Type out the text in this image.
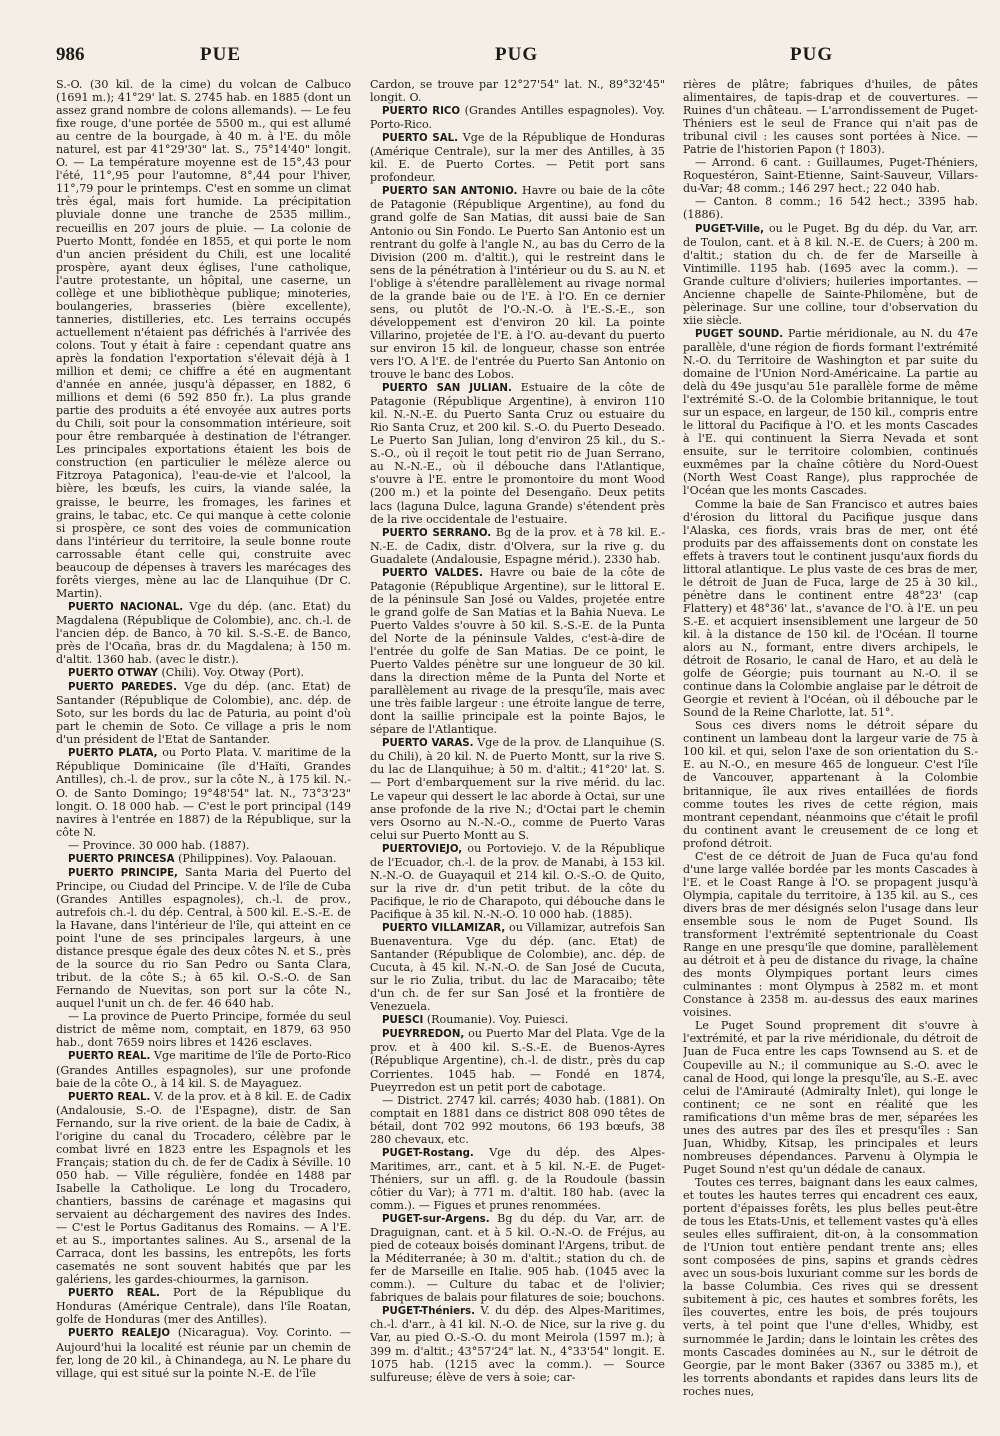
986	PUE	PUG	PUG

S.-O. (30 kil. de la cime) du volcan de Calbuco (1691 m.); 41°29' lat. S. 2745 hab. en 1885 (dont un assez grand nombre de colons allemands). — Le feu fixe rouge, d'une portée de 5500 m., qui est allumé au centre de la bourgade, à 40 m. à l'E. du môle naturel, est par 41°29'30" lat. S., 75°14'40" longit. O. — La température moyenne est de 15°,43 pour l'été, 11°,95 pour l'automne, 8°,44 pour l'hiver, 11°,79 pour le printemps. C'est en somme un climat très égal, mais fort humide. La précipitation pluviale donne une tranche de 2535 millim., recueillis en 207 jours de pluie. — La colonie de Puerto Montt, fondée en 1855, et qui porte le nom d'un ancien président du Chili, est une localité prospère, ayant deux églises, l'une catholique, l'autre protestante, un hôpital, une caserne, un collège et une bibliothèque publique; minoteries, boulangeries, brasseries (bière excellente), tanneries, distilleries, etc. Les terrains occupés actuellement n'étaient pas défrichés à l'arrivée des colons. Tout y était à faire : cependant quatre ans après la fondation l'exportation s'élevait déjà à 1 million et demi; ce chiffre a été en augmentant d'année en année, jusqu'à dépasser, en 1882, 6 millions et demi (6 592 850 fr.). La plus grande partie des produits a été envoyée aux autres ports du Chili, soit pour la consommation intérieure, soit pour être rembarquée à destination de l'étranger. Les principales exportations étaient les bois de construction (en particulier le mélèze alerce ou Fitzroya Patagonica), l'eau-de-vie et l'alcool, la bière, les bœufs, les cuirs, la viande salée, la graisse, le beurre, les fromages, les farines et grains, le tabac, etc. Ce qui manque à cette colonie si prospère, ce sont des voies de communication dans l'intérieur du territoire, la seule bonne route carrossable étant celle qui, construite avec beaucoup de dépenses à travers les marécages des forêts vierges, mène au lac de Llanquihue (Dr C. Martin).

PUERTO NACIONAL. Vge du dép. (anc. Etat) du Magdalena (République de Colombie), anc. ch.-l. de l'ancien dép. de Banco, à 70 kil. S.-S.-E. de Banco, près de l'Ocaña, bras dr. du Magdalena; à 150 m. d'altit. 1360 hab. (avec le distr.).

PUERTO OTWAY (Chili). Voy. Otway (Port).

PUERTO PAREDES. Vge du dép. (anc. Etat) de Santander (République de Colombie), anc. dép. de Soto, sur les bords du lac de Paturia, au point d'où part le chemin de Soto. Ce village a pris le nom d'un président de l'Etat de Santander.

PUERTO PLATA, ou Porto Plata. V. maritime de la République Dominicaine (île d'Haïti, Grandes Antilles), ch.-l. de prov., sur la côte N., à 175 kil. N.-O. de Santo Domingo; 19°48'54" lat. N., 73°3'23" longit. O. 18 000 hab. — C'est le port principal (149 navires à l'entrée en 1887) de la République, sur la côte N.

— Province. 30 000 hab. (1887).

PUERTO PRINCESA (Philippines). Voy. Palaouan.

PUERTO PRINCIPE, Santa Maria del Puerto del Principe, ou Ciudad del Principe. V. de l'île de Cuba (Grandes Antilles espagnoles), ch.-l. de prov., autrefois ch.-l. du dép. Central, à 500 kil. E.-S.-E. de la Havane, dans l'intérieur de l'île, qui atteint en ce point l'une de ses principales largeurs, à une distance presque égale des deux côtes N. et S., près de la source du rio San Pedro ou Santa Clara, tribut. de la côte S.; à 65 kil. O.-S.-O. de San Fernando de Nuevitas, son port sur la côte N., auquel l'unit un ch. de fer. 46 640 hab.

— La province de Puerto Principe, formée du seul district de même nom, comptait, en 1879, 63 950 hab., dont 7659 noirs libres et 1426 esclaves.

PUERTO REAL. Vge maritime de l'île de Porto-Rico (Grandes Antilles espagnoles), sur une profonde baie de la côte O., à 14 kil. S. de Mayaguez.

PUERTO REAL. V. de la prov. et à 8 kil. E. de Cadix (Andalousie, S.-O. de l'Espagne), distr. de San Fernando, sur la rive orient. de la baie de Cadix, à l'origine du canal du Trocadero, célèbre par le combat livré en 1823 entre les Espagnols et les Français; station du ch. de fer de Cadix à Séville. 10 050 hab. — Ville régulière, fondée en 1488 par Isabelle la Catholique. Le long du Trocadero, chantiers, bassins de carénage et magasins qui servaient au déchargement des navires des Indes. — C'est le Portus Gaditanus des Romains. — A l'E. et au S., importantes salines. Au S., arsenal de la Carraca, dont les bassins, les entrepôts, les forts casematés ne sont souvent habités que par les galériens, les gardes-chiourmes, la garnison.

PUERTO REAL. Port de la République du Honduras (Amérique Centrale), dans l'île Roatan, golfe de Honduras (mer des Antilles).

PUERTO REALEJO (Nicaragua). Voy. Corinto. — Aujourd'hui la localité est réunie par un chemin de fer, long de 20 kil., à Chinandega, au N. Le phare du village, qui est situé sur la pointe N.-E. de l'île

Cardon, se trouve par 12°27'54" lat. N., 89°32'45" longit. O.

PUERTO RICO (Grandes Antilles espagnoles). Voy. Porto-Rico.

PUERTO SAL. Vge de la République de Honduras (Amérique Centrale), sur la mer des Antilles, à 35 kil. E. de Puerto Cortes. — Petit port sans profondeur.

PUERTO SAN ANTONIO. Havre ou baie de la côte de Patagonie (République Argentine), au fond du grand golfe de San Matias, dit aussi baie de San Antonio ou Sin Fondo. Le Puerto San Antonio est un rentrant du golfe à l'angle N., au bas du Cerro de la Division (200 m. d'altit.), qui le restreint dans le sens de la pénétration à l'intérieur ou du S. au N. et l'oblige à s'étendre parallèlement au rivage normal de la grande baie ou de l'E. à l'O. En ce dernier sens, ou plutôt de l'O.-N.-O. à l'E.-S.-E., son développement est d'environ 20 kil. La pointe Villarino, projetée de l'E. à l'O. au-devant du puerto sur environ 15 kil. de longueur, chasse son entrée vers l'O. A l'E. de l'entrée du Puerto San Antonio on trouve le banc des Lobos.

PUERTO SAN JULIAN. Estuaire de la côte de Patagonie (République Argentine), à environ 110 kil. N.-N.-E. du Puerto Santa Cruz ou estuaire du Rio Santa Cruz, et 200 kil. S.-O. du Puerto Deseado. Le Puerto San Julian, long d'environ 25 kil., du S.-S.-O., où il reçoit le tout petit rio de Juan Serrano, au N.-N.-E., où il débouche dans l'Atlantique, s'ouvre à l'E. entre le promontoire du mont Wood (200 m.) et la pointe del Desengaño. Deux petits lacs (laguna Dulce, laguna Grande) s'étendent près de la rive occidentale de l'estuaire.

PUERTO SERRANO. Bg de la prov. et à 78 kil. E.-N.-E. de Cadix, distr. d'Olvera, sur la rive g. du Guadalete (Andalousie, Espagne mérid.). 2330 hab.

PUERTO VALDES. Havre ou baie de la côte de Patagonie (République Argentine), sur le littoral E. de la péninsule San José ou Valdes, projetée entre le grand golfe de San Matias et la Bahia Nueva. Le Puerto Valdes s'ouvre à 50 kil. S.-S.-E. de la Punta del Norte de la péninsule Valdes, c'est-à-dire de l'entrée du golfe de San Matias. De ce point, le Puerto Valdes pénètre sur une longueur de 30 kil. dans la direction même de la Punta del Norte et parallèlement au rivage de la presqu'île, mais avec une très faible largeur : une étroite langue de terre, dont la saillie principale est la pointe Bajos, le sépare de l'Atlantique.

PUERTO VARAS. Vge de la prov. de Llanquihue (S. du Chili), à 20 kil. N. de Puerto Montt, sur la rive S. du lac de Llanquihue; à 50 m. d'altit.; 41°20' lat. S. — Port d'embarquement sur la rive mérid. du lac. Le vapeur qui dessert le lac aborde à Octai, sur une anse profonde de la rive N.; d'Octai part le chemin vers Osorno au N.-N.-O., comme de Puerto Varas celui sur Puerto Montt au S.

PUERTOVIEJO, ou Portoviejo. V. de la République de l'Ecuador, ch.-l. de la prov. de Manabi, à 153 kil. N.-N.-O. de Guayaquil et 214 kil. O.-S.-O. de Quito, sur la rive dr. d'un petit tribut. de la côte du Pacifique, le rio de Charapoto, qui débouche dans le Pacifique à 35 kil. N.-N.-O. 10 000 hab. (1885).

PUERTO VILLAMIZAR, ou Villamizar, autrefois San Buenaventura. Vge du dép. (anc. Etat) de Santander (République de Colombie), anc. dép. de Cucuta, à 45 kil. N.-N.-O. de San José de Cucuta, sur le rio Zulia, tribut. du lac de Maracaibo; tête d'un ch. de fer sur San José et la frontière de Venezuela.

PUESCI (Roumanie). Voy. Puiesci.

PUEYRREDON, ou Puerto Mar del Plata. Vge de la prov. et à 400 kil. S.-S.-E. de Buenos-Ayres (République Argentine), ch.-l. de distr., près du cap Corrientes. 1045 hab. — Fondé en 1874, Pueyrredon est un petit port de cabotage.

— District. 2747 kil. carrés; 4030 hab. (1881). On comptait en 1881 dans ce district 808 090 têtes de bétail, dont 702 992 moutons, 66 193 bœufs, 38 280 chevaux, etc.

PUGET-Rostang. Vge du dép. des Alpes-Maritimes, arr., cant. et à 5 kil. N.-E. de Puget-Théniers, sur un affl. g. de la Roudoule (bassin côtier du Var); à 771 m. d'altit. 180 hab. (avec la comm.). — Figues et prunes renommées.

PUGET-sur-Argens. Bg du dép. du Var, arr. de Draguignan, cant. et à 5 kil. O.-N.-O. de Fréjus, au pied de coteaux boisés dominant l'Argens, tribut. de la Méditerranée; à 30 m. d'altit.; station du ch. de fer de Marseille en Italie. 905 hab. (1045 avec la comm.). — Culture du tabac et de l'olivier; fabriques de balais pour filatures de soie; bouchons.

PUGET-Théniers. V. du dép. des Alpes-Maritimes, ch.-l. d'arr., à 41 kil. N.-O. de Nice, sur la rive g. du Var, au pied O.-S.-O. du mont Meirola (1597 m.); à 399 m. d'altit.; 43°57'24" lat. N., 4°33'54" longit. E. 1075 hab. (1215 avec la comm.). — Source sulfureuse; élève de vers à soie; car-

rières de plâtre; fabriques d'huiles, de pâtes alimentaires, de tapis-drap et de couvertures. — Ruines d'un château. — L'arrondissement de Puget-Théniers est le seul de France qui n'ait pas de tribunal civil : les causes sont portées à Nice. — Patrie de l'historien Papon († 1803).

— Arrond. 6 cant. : Guillaumes, Puget-Théniers, Roquestéron, Saint-Etienne, Saint-Sauveur, Villars-du-Var; 48 comm.; 146 297 hect.; 22 040 hab.

— Canton. 8 comm.; 16 542 hect.; 3395 hab. (1886).

PUGET-Ville, ou le Puget. Bg du dép. du Var, arr. de Toulon, cant. et à 8 kil. N.-E. de Cuers; à 200 m. d'altit.; station du ch. de fer de Marseille à Vintimille. 1195 hab. (1695 avec la comm.). — Grande culture d'oliviers; huileries importantes. — Ancienne chapelle de Sainte-Philomène, but de pèlerinage. Sur une colline, tour d'observation du xiie siècle.

PUGET SOUND. Partie méridionale, au N. du 47e parallèle, d'une région de fiords formant l'extrémité N.-O. du Territoire de Washington et par suite du domaine de l'Union Nord-Américaine. La partie au delà du 49e jusqu'au 51e parallèle forme de même l'extrémité S.-O. de la Colombie britannique, le tout sur un espace, en largeur, de 150 kil., compris entre le littoral du Pacifique à l'O. et les monts Cascades à l'E. qui continuent la Sierra Nevada et sont ensuite, sur le territoire colombien, continués euxmêmes par la chaîne côtière du Nord-Ouest (North West Coast Range), plus rapprochée de l'Océan que les monts Cascades.

Comme la baie de San Francisco et autres baies d'érosion du littoral du Pacifique jusque dans l'Alaska, ces fiords, vrais bras de mer, ont été produits par des affaissements dont on constate les effets à travers tout le continent jusqu'aux fiords du littoral atlantique. Le plus vaste de ces bras de mer, le détroit de Juan de Fuca, large de 25 à 30 kil., pénètre dans le continent entre 48°23' (cap Flattery) et 48°36' lat., s'avance de l'O. à l'E. un peu S.-E. et acquiert insensiblement une largeur de 50 kil. à la distance de 150 kil. de l'Océan. Il tourne alors au N., formant, entre divers archipels, le détroit de Rosario, le canal de Haro, et au delà le golfe de Géorgie; puis tournant au N.-O. il se continue dans la Colombie anglaise par le détroit de Georgie et revient à l'Océan, où il débouche par le Sound de la Reine Charlotte, lat. 51°.

Sous ces divers noms le détroit sépare du continent un lambeau dont la largeur varie de 75 à 100 kil. et qui, selon l'axe de son orientation du S.-E. au N.-O., en mesure 465 de longueur. C'est l'île de Vancouver, appartenant à la Colombie britannique, île aux rives entaillées de fiords comme toutes les rives de cette région, mais montrant cependant, néanmoins que c'était le profil du continent avant le creusement de ce long et profond détroit.

C'est de ce détroit de Juan de Fuca qu'au fond d'une large vallée bordée par les monts Cascades à l'E. et le Coast Range à l'O. se propagent jusqu'à Olympia, capitale du territoire, à 135 kil. au S., ces divers bras de mer désignés selon l'usage dans leur ensemble sous le nom de Puget Sound. Ils transforment l'extrémité septentrionale du Coast Range en une presqu'île que domine, parallèlement au détroit et à peu de distance du rivage, la chaîne des monts Olympiques portant leurs cimes culminantes : mont Olympus à 2582 m. et mont Constance à 2358 m. au-dessus des eaux marines voisines.

Le Puget Sound proprement dit s'ouvre à l'extrémité, et par la rive méridionale, du détroit de Juan de Fuca entre les caps Townsend au S. et de Coupeville au N.; il communique au S.-O. avec le canal de Hood, qui longe la presqu'île, au S.-E. avec celui de l'Amirauté (Admiralty Inlet), qui longe le continent; ce ne sont en réalité que les ramifications d'un même bras de mer, séparées les unes des autres par des îles et presqu'îles : San Juan, Whidby, Kitsap, les principales et leurs nombreuses dépendances. Parvenu à Olympia le Puget Sound n'est qu'un dédale de canaux.

Toutes ces terres, baignant dans les eaux calmes, et toutes les hautes terres qui encadrent ces eaux, portent d'épaisses forêts, les plus belles peut-être de tous les Etats-Unis, et tellement vastes qu'à elles seules elles suffiraient, dit-on, à la consommation de l'Union tout entière pendant trente ans; elles sont composées de pins, sapins et grands cèdres avec un sous-bois luxuriant comme sur les bords de la basse Columbia. Ces rives qui se dressent subitement à pic, ces hautes et sombres forêts, les îles couvertes, entre les bois, de prés toujours verts, à tel point que l'une d'elles, Whidby, est surnommée le Jardin; dans le lointain les crêtes des monts Cascades dominées au N., sur le détroit de Georgie, par le mont Baker (3367 ou 3385 m.), et les torrents abondants et rapides dans leurs lits de roches nues,
